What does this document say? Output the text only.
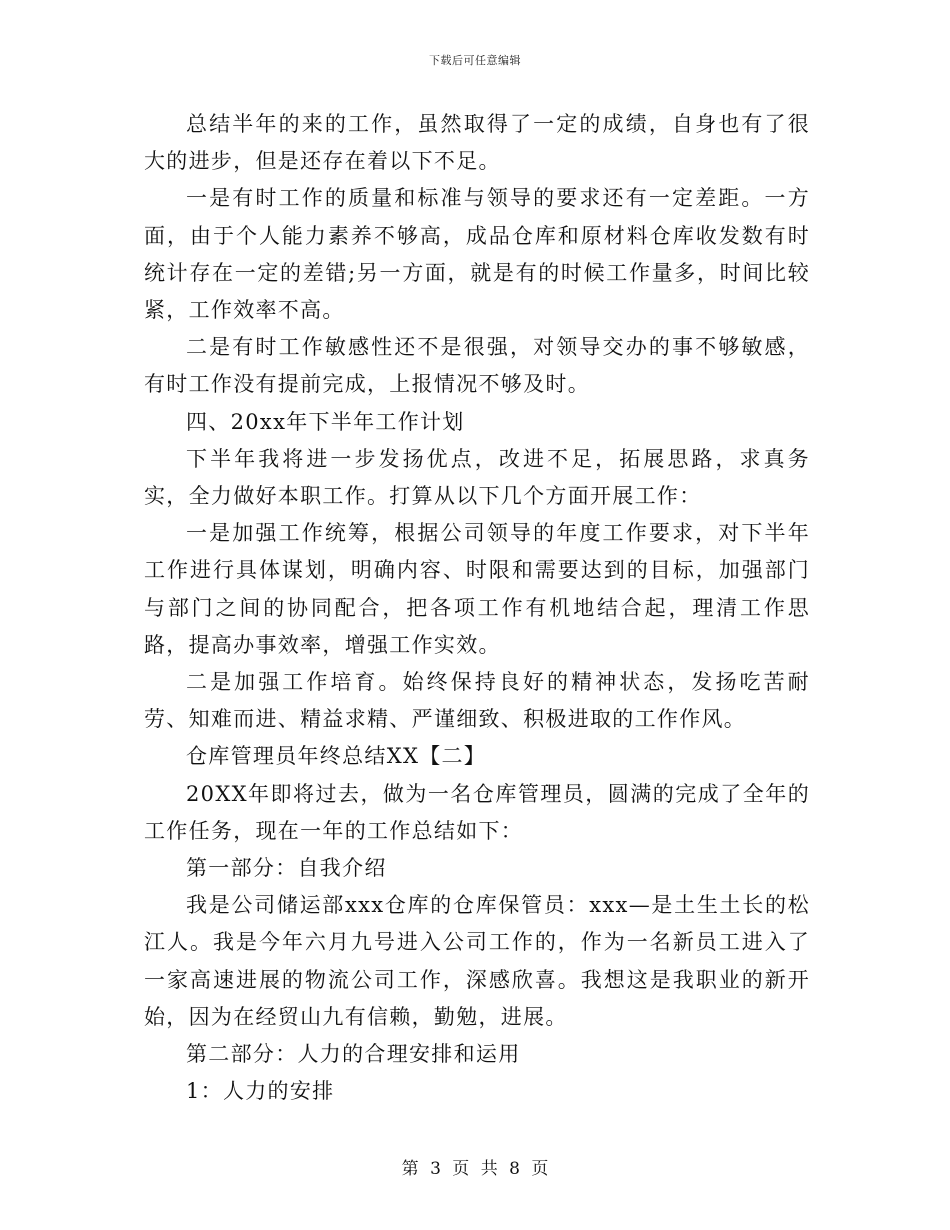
下载后可任意编辑

总结半年的来的工作，虽然取得了一定的成绩，自身也有了很大的进步，但是还存在着以下不足。

一是有时工作的质量和标准与领导的要求还有一定差距。一方面，由于个人能力素养不够高，成品仓库和原材料仓库收发数有时统计存在一定的差错;另一方面，就是有的时候工作量多，时间比较紧，工作效率不高。

二是有时工作敏感性还不是很强，对领导交办的事不够敏感，有时工作没有提前完成，上报情况不够及时。

四、20xx年下半年工作计划

下半年我将进一步发扬优点，改进不足，拓展思路，求真务实，全力做好本职工作。打算从以下几个方面开展工作：

一是加强工作统筹，根据公司领导的年度工作要求，对下半年工作进行具体谋划，明确内容、时限和需要达到的目标，加强部门与部门之间的协同配合，把各项工作有机地结合起，理清工作思路，提高办事效率，增强工作实效。

二是加强工作培育。始终保持良好的精神状态，发扬吃苦耐劳、知难而进、精益求精、严谨细致、积极进取的工作作风。

仓库管理员年终总结XX【二】

20XX年即将过去，做为一名仓库管理员，圆满的完成了全年的工作任务，现在一年的工作总结如下：

第一部分：自我介绍

我是公司储运部xxx仓库的仓库保管员：xxx—是土生土长的松江人。我是今年六月九号进入公司工作的，作为一名新员工进入了一家高速进展的物流公司工作，深感欣喜。我想这是我职业的新开始，因为在经贸山九有信赖，勤勉，进展。

第二部分：人力的合理安排和运用

1：人力的安排

第 3 页 共 8 页
